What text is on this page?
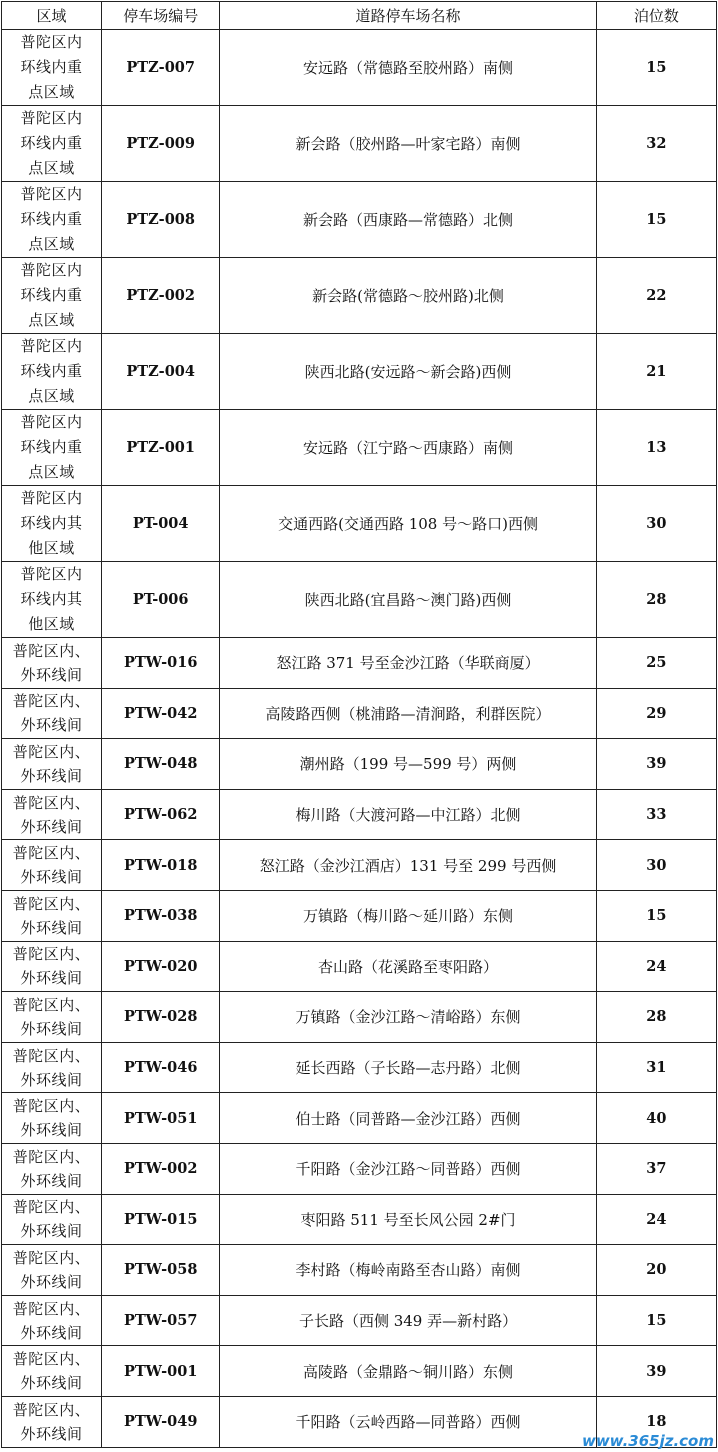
区域	停车场编号	道路停车场名称	泊位数

普陀区内
环线内重
点区域	PTZ-007	安远路（常德路至胶州路）南侧	15

普陀区内
环线内重
点区域	PTZ-009	新会路（胶州路—叶家宅路）南侧	32

普陀区内
环线内重
点区域	PTZ-008	新会路（西康路—常德路）北侧	15

普陀区内
环线内重
点区域	PTZ-002	新会路(常德路～胶州路)北侧	22

普陀区内
环线内重
点区域	PTZ-004	陕西北路(安远路～新会路)西侧	21

普陀区内
环线内重
点区域	PTZ-001	安远路（江宁路～西康路）南侧	13

普陀区内
环线内其
他区域	PT-004	交通西路(交通西路 108 号～路口)西侧	30

普陀区内
环线内其
他区域	PT-006	陕西北路(宜昌路～澳门路)西侧	28

普陀区内、
外环线间	PTW-016	怒江路 371 号至金沙江路（华联商厦）	25

普陀区内、
外环线间	PTW-042	高陵路西侧（桃浦路—清涧路，利群医院）	29

普陀区内、
外环线间	PTW-048	潮州路（199 号—599 号）两侧	39

普陀区内、
外环线间	PTW-062	梅川路（大渡河路—中江路）北侧	33

普陀区内、
外环线间	PTW-018	怒江路（金沙江酒店）131 号至 299 号西侧	30

普陀区内、
外环线间	PTW-038	万镇路（梅川路～延川路）东侧	15

普陀区内、
外环线间	PTW-020	杏山路（花溪路至枣阳路）	24

普陀区内、
外环线间	PTW-028	万镇路（金沙江路～清峪路）东侧	28

普陀区内、
外环线间	PTW-046	延长西路（子长路—志丹路）北侧	31

普陀区内、
外环线间	PTW-051	伯士路（同普路—金沙江路）西侧	40

普陀区内、
外环线间	PTW-002	千阳路（金沙江路～同普路）西侧	37

普陀区内、
外环线间	PTW-015	枣阳路 511 号至长风公园 2#门	24

普陀区内、
外环线间	PTW-058	李村路（梅岭南路至杏山路）南侧	20

普陀区内、
外环线间	PTW-057	子长路（西侧 349 弄—新村路）	15

普陀区内、
外环线间	PTW-001	高陵路（金鼎路～铜川路）东侧	39

普陀区内、
外环线间	PTW-049	千阳路（云岭西路—同普路）西侧	18
www.365jz.com
